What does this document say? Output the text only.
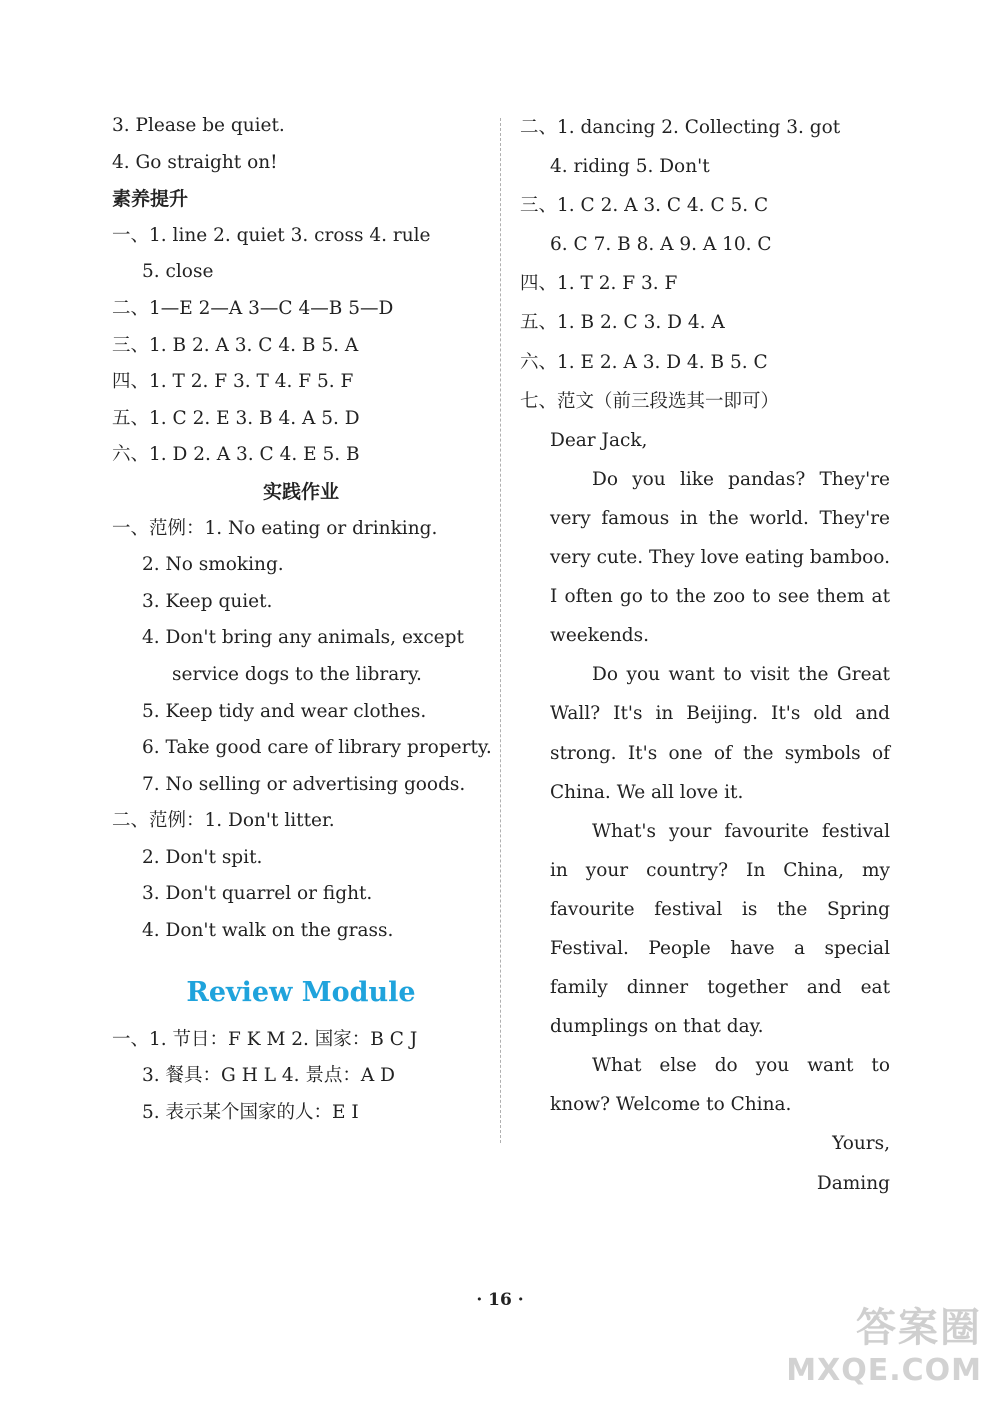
3. Please be quiet.
4. Go straight on!
素养提升
一、1. line 2. quiet 3. cross 4. rule
5. close
二、1—E 2—A 3—C 4—B 5—D
三、1. B 2. A 3. C 4. B 5. A
四、1. T 2. F 3. T 4. F 5. F
五、1. C 2. E 3. B 4. A 5. D
六、1. D 2. A 3. C 4. E 5. B
实践作业
一、范例：1. No eating or drinking.
2. No smoking.
3. Keep quiet.
4. Don't bring any animals, except
service dogs to the library.
5. Keep tidy and wear clothes.
6. Take good care of library property.
7. No selling or advertising goods.
二、范例：1. Don't litter.
2. Don't spit.
3. Don't quarrel or fight.
4. Don't walk on the grass.
Review Module
一、1. 节日：F K M 2. 国家：B C J
3. 餐具：G H L 4. 景点：A D
5. 表示某个国家的人：E I
二、1. dancing 2. Collecting 3. got
4. riding 5. Don't
三、1. C 2. A 3. C 4. C 5. C
6. C 7. B 8. A 9. A 10. C
四、1. T 2. F 3. F
五、1. B 2. C 3. D 4. A
六、1. E 2. A 3. D 4. B 5. C
七、范文（前三段选其一即可）

Dear Jack,

Do you like pandas? They're very famous in the world. They're very cute. They love eating bamboo. I often go to the zoo to see them at weekends.

Do you want to visit the Great Wall? It's in Beijing. It's old and strong. It's one of the symbols of China. We all love it.

What's your favourite festival in your country? In China, my favourite festival is the Spring Festival. People have a special family dinner together and eat dumplings on that day.

What else do you want to know? Welcome to China.

Yours,
Daming
· 16 ·
答案圈
MXQE.COM
